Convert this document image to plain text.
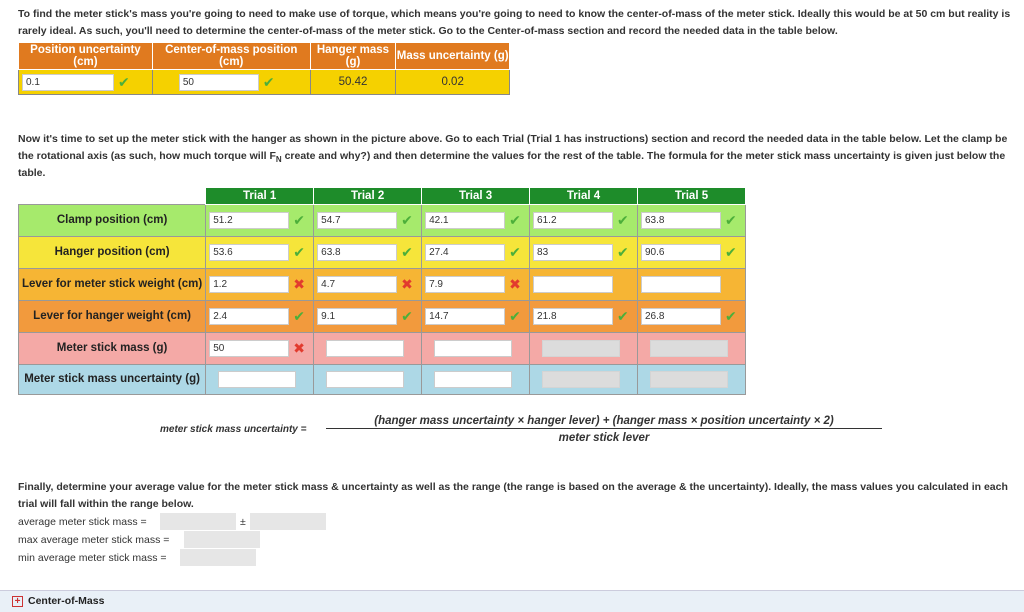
To find the meter stick's mass you're going to need to make use of torque, which means you're going to need to know the center-of-mass of the meter stick. Ideally this would be at 50 cm but reality is rarely ideal. As such, you'll need to determine the center-of-mass of the meter stick. Go to the Center-of-mass section and record the needed data in the table below.
Position uncertainty (cm)	Center-of-mass position (cm)	Hanger mass (g)	Mass uncertainty (g)

0.1 ✔	50 ✔	50.42	0.02
Now it's time to set up the meter stick with the hanger as shown in the picture above. Go to each Trial (Trial 1 has instructions) section and record the needed data in the table below. Let the clamp be the rotational axis (as such, how much torque will $F_N$ create and why?) and then determine the values for the rest of the table. The formula for the meter stick mass uncertainty is given just below the table.
	Trial 1	Trial 2	Trial 3	Trial 4	Trial 5
Clamp position (cm)	51.2 ✔	54.7 ✔	42.1 ✔	61.2 ✔	63.8 ✔

Hanger position (cm)	53.6 ✔	63.8 ✔	27.4 ✔	83 ✔	90.6 ✔

Lever for meter stick weight (cm)	1.2 ✖	4.7 ✖	7.9 ✖		

Lever for hanger weight (cm)	2.4 ✔	9.1 ✔	14.7 ✔	21.8 ✔	26.8 ✔

Meter stick mass (g)	50 ✖				

Meter stick mass uncertainty (g)	

meter stick mass uncertainty =
(hanger mass uncertainty × hanger lever) + (hanger mass × position uncertainty × 2)
meter stick lever
Finally, determine your average value for the meter stick mass & uncertainty as well as the range (the range is based on the average & the uncertainty). Ideally, the mass values you calculated in each trial will fall within the range below.
average meter stick mass =	±
max average meter stick mass =
min average meter stick mass =
+ Center-of-Mass
